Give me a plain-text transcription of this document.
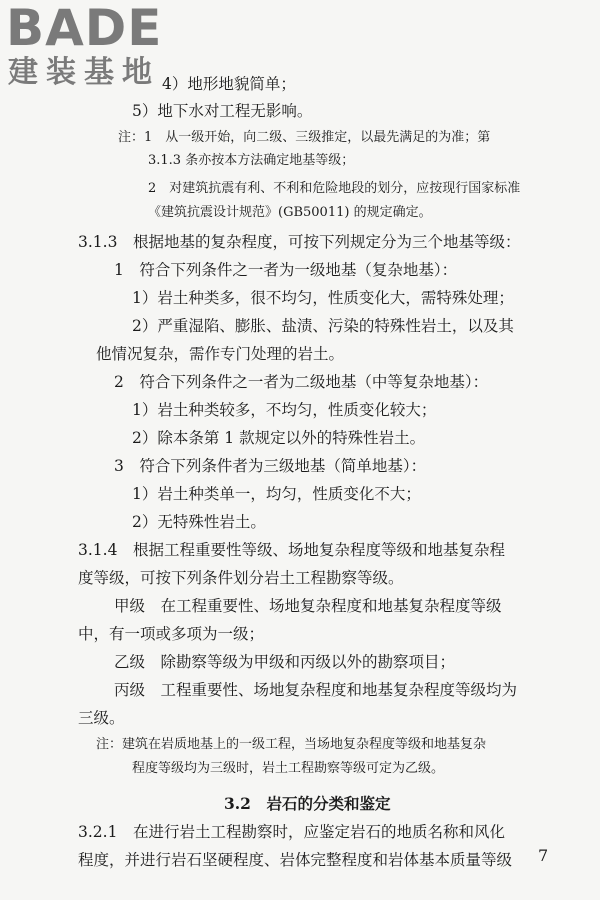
BADE
建装基地 4）地形地貌简单；
5）地下水对工程无影响。
注：1　从一级开始，向二级、三级推定，以最先满足的为准；第
3.1.3 条亦按本方法确定地基等级；
2　对建筑抗震有利、不利和危险地段的划分，应按现行国家标准
《建筑抗震设计规范》(GB50011) 的规定确定。
3.1.3　根据地基的复杂程度，可按下列规定分为三个地基等级：
1　符合下列条件之一者为一级地基（复杂地基）：
1）岩土种类多，很不均匀，性质变化大，需特殊处理；
2）严重湿陷、膨胀、盐渍、污染的特殊性岩土，以及其
他情况复杂，需作专门处理的岩土。
2　符合下列条件之一者为二级地基（中等复杂地基）：
1）岩土种类较多，不均匀，性质变化较大；
2）除本条第 1 款规定以外的特殊性岩土。
3　符合下列条件者为三级地基（简单地基）：
1）岩土种类单一，均匀，性质变化不大；
2）无特殊性岩土。
3.1.4　根据工程重要性等级、场地复杂程度等级和地基复杂程
度等级，可按下列条件划分岩土工程勘察等级。
甲级　在工程重要性、场地复杂程度和地基复杂程度等级
中，有一项或多项为一级；
乙级　除勘察等级为甲级和丙级以外的勘察项目；
丙级　工程重要性、场地复杂程度和地基复杂程度等级均为
三级。
注：建筑在岩质地基上的一级工程，当场地复杂程度等级和地基复杂
程度等级均为三级时，岩土工程勘察等级可定为乙级。
3.2　岩石的分类和鉴定
3.2.1　在进行岩土工程勘察时，应鉴定岩石的地质名称和风化
程度，并进行岩石坚硬程度、岩体完整程度和岩体基本质量等级 7
